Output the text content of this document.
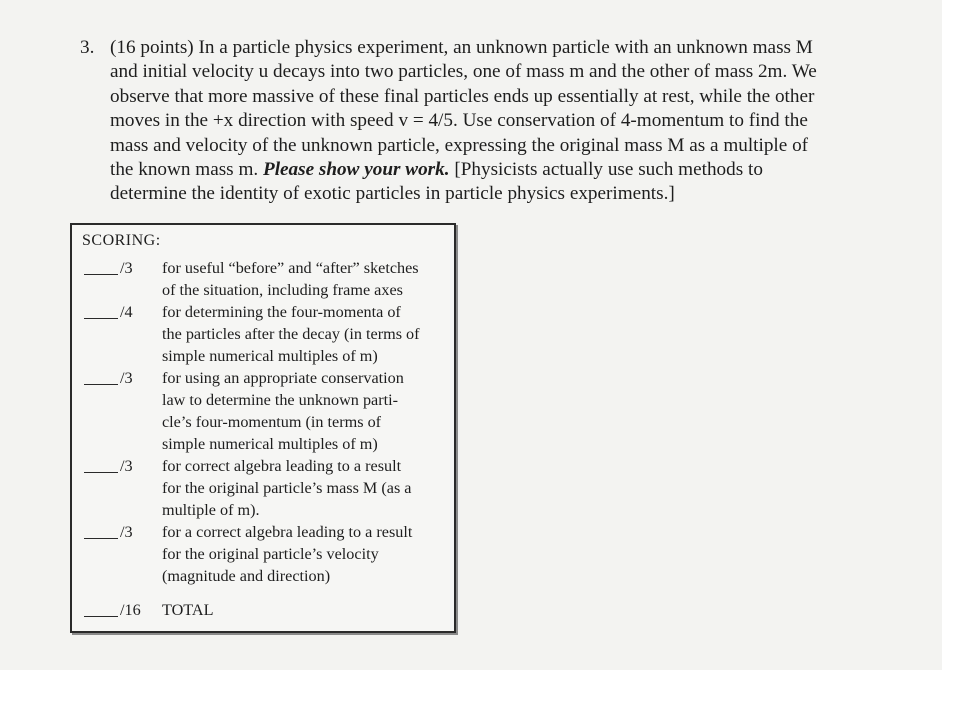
3. (16 points) In a particle physics experiment, an unknown particle with an unknown mass M
and initial velocity u decays into two particles, one of mass m and the other of mass 2m. We
observe that more massive of these final particles ends up essentially at rest, while the other
moves in the +x direction with speed v = 4/5. Use conservation of 4-momentum to find the
mass and velocity of the unknown particle, expressing the original mass M as a multiple of
the known mass m. Please show your work. [Physicists actually use such methods to
determine the identity of exotic particles in particle physics experiments.]
SCORING:
/3 for useful “before” and “after” sketches
of the situation, including frame axes
/4 for determining the four-momenta of
the particles after the decay (in terms of
simple numerical multiples of m)
/3 for using an appropriate conservation
law to determine the unknown parti-
cle’s four-momentum (in terms of
simple numerical multiples of m)
/3 for correct algebra leading to a result
for the original particle’s mass M (as a
multiple of m).
/3 for a correct algebra leading to a result
for the original particle’s velocity
(magnitude and direction)
/16 TOTAL
